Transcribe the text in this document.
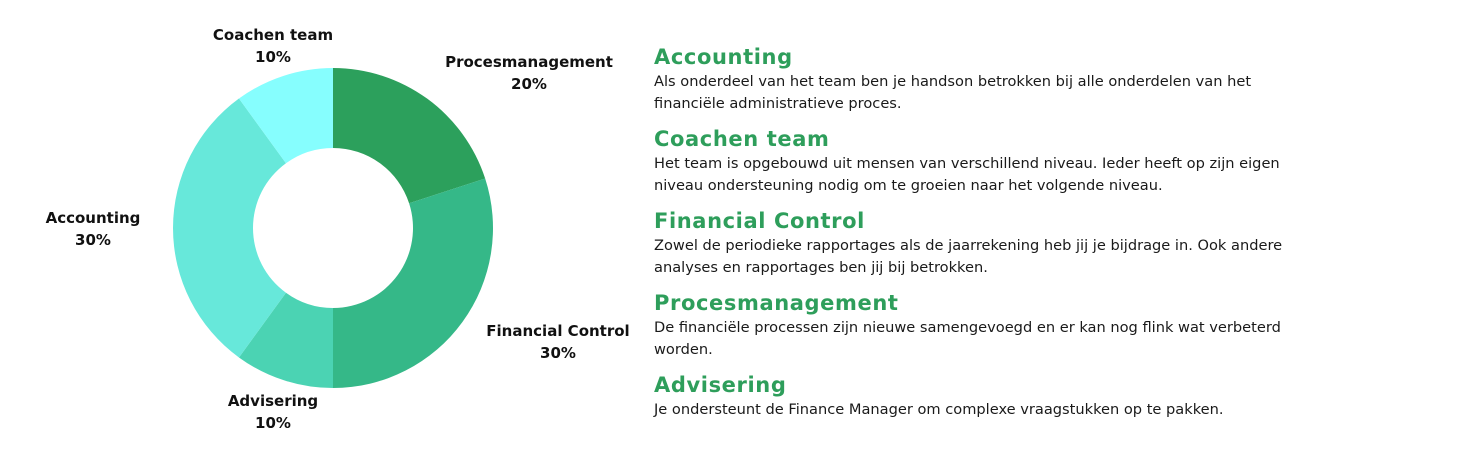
Procesmanagement
20%
Financial Control
30%
Advisering
10%
Accounting
30%
Coachen team
10%	Accounting
Als onderdeel van het team ben je handson betrokken bij alle onderdelen van het financiële administratieve proces.
Coachen team
Het team is opgebouwd uit mensen van verschillend niveau. Ieder heeft op zijn eigen niveau ondersteuning nodig om te groeien naar het volgende niveau.
Financial Control
Zowel de periodieke rapportages als de jaarrekening heb jij je bijdrage in. Ook andere analyses en rapportages ben jij bij betrokken.
Procesmanagement
De financiële processen zijn nieuwe samengevoegd en er kan nog flink wat verbeterd worden.
Advisering
Je ondersteunt de Finance Manager om complexe vraagstukken op te pakken.
